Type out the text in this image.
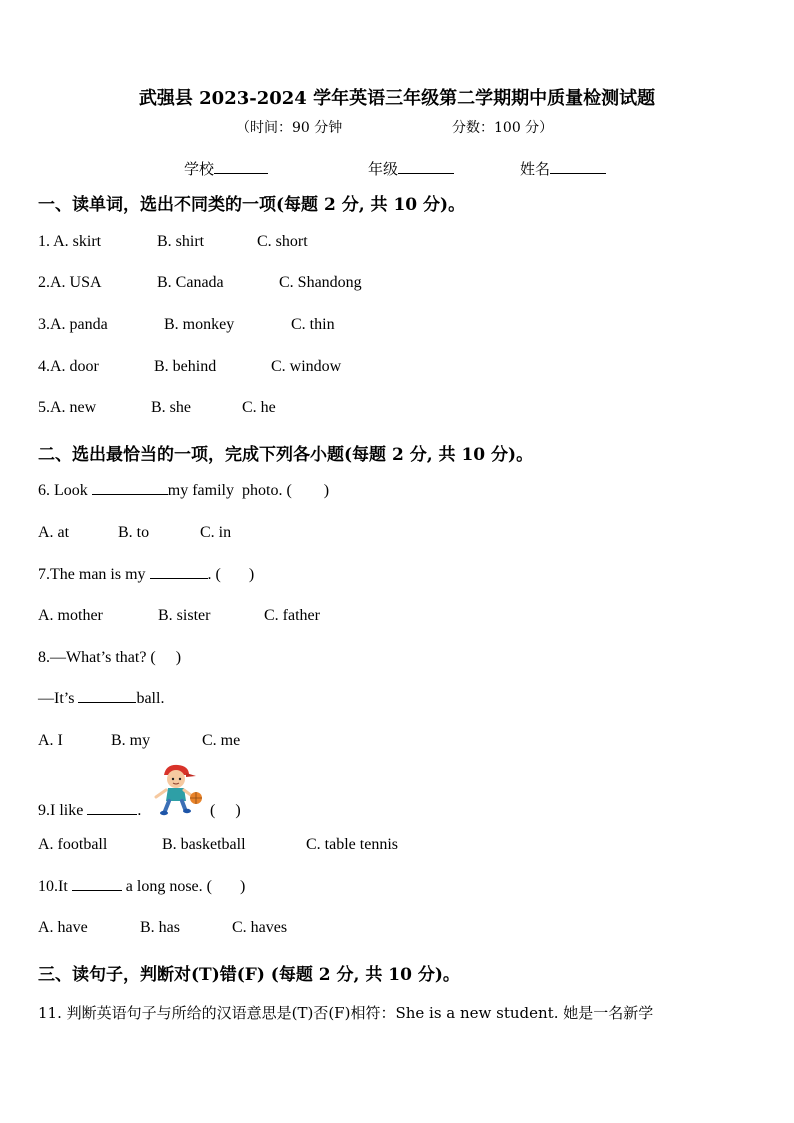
武强县 2023-2024 学年英语三年级第二学期期中质量检测试题
（时间：90 分钟	分数：100 分）
学校	年级	姓名
一、读单词，选出不同类的一项(每题 2 分, 共 10 分)。
1. A. skirt	B. shirt	C. short
2.A. USA	B. Canada	C. Shandong
3.A. panda	B. monkey	C. thin
4.A. door	B. behind	C. window
5.A. new	B. she	C. he
二、选出最恰当的一项，完成下列各小题(每题 2 分, 共 10 分)。
6. Look	my family  photo. (        )
A. at	B. to	C. in
7.The man is my	. (       )
A. mother	B. sister	C. father
8.—What’s that? (     )
—It’s	ball.
A. I	B. my	C. me
9.I like	.	(     )
A. football	B. basketball	C. table tennis
10.It	a long nose. (       )
A. have	B. has	C. haves
三、读句子，判断对(T)错(F) (每题 2 分, 共 10 分)。
11. 判断英语句子与所给的汉语意思是(T)否(F)相符：She is a new student. 她是一名新学
